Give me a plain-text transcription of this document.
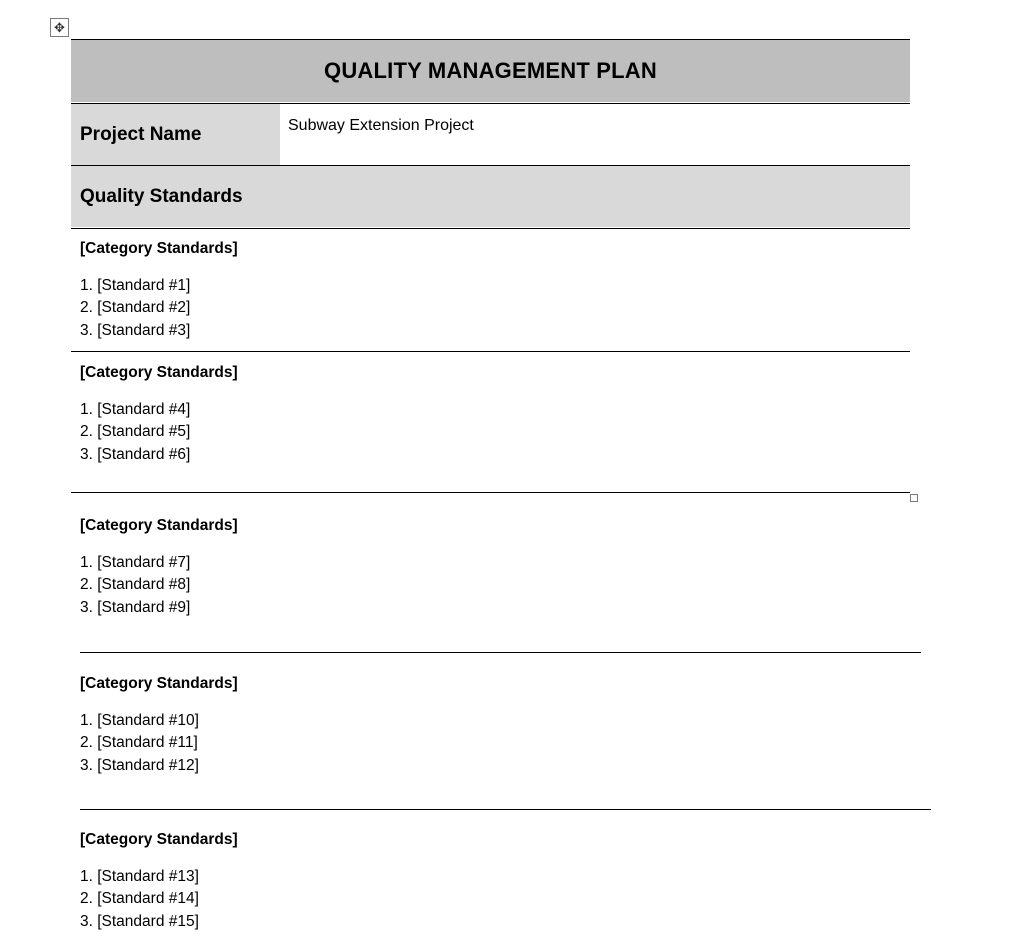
✥
QUALITY MANAGEMENT PLAN
Project Name	Subway Extension Project
Quality Standards
[Category Standards]
1. [Standard #1]
2. [Standard #2]
3. [Standard #3]
[Category Standards]
1. [Standard #4]
2. [Standard #5]
3. [Standard #6]
[Category Standards]
1. [Standard #7]
2. [Standard #8]
3. [Standard #9]
[Category Standards]
1. [Standard #10]
2. [Standard #11]
3. [Standard #12]
[Category Standards]
1. [Standard #13]
2. [Standard #14]
3. [Standard #15]
